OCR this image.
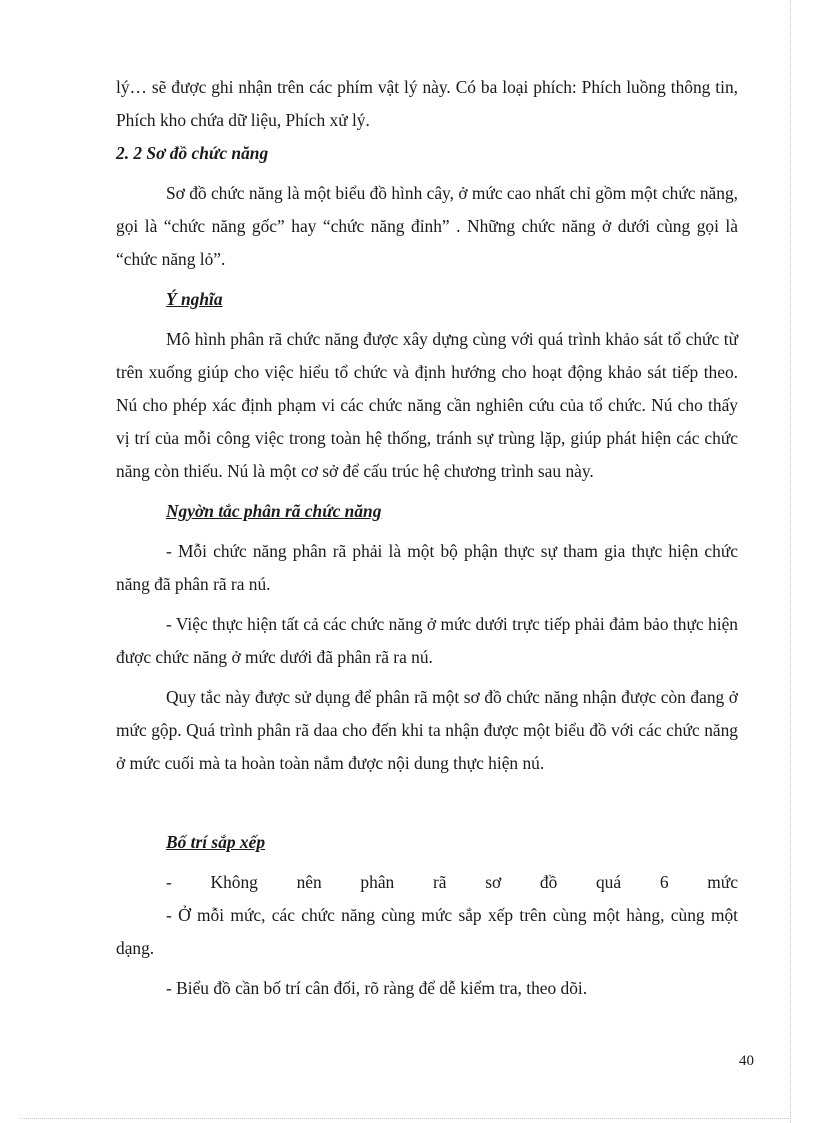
lý… sẽ được ghi nhận trên các phím vật lý này. Có ba loại phích: Phích luồng thông tin, Phích kho chứa dữ liệu, Phích xử lý.

2. 2 Sơ đồ chức năng

Sơ đồ chức năng là một biểu đồ hình cây, ở mức cao nhất chỉ gồm một chức năng, gọi là “chức năng gốc” hay “chức năng đỉnh” . Những chức năng ở dưới cùng gọi là “chức năng lỏ”.

Ý nghĩa

Mô hình phân rã chức năng được xây dựng cùng với quá trình khảo sát tổ chức từ trên xuống giúp cho việc hiểu tổ chức và định hướng cho hoạt động khảo sát tiếp theo. Nú cho phép xác định phạm vi các chức năng cần nghiên cứu của tổ chức. Nú cho thấy vị trí của mỗi công việc trong toàn hệ thống, tránh sự trùng lặp, giúp phát hiện các chức năng còn thiếu. Nú là một cơ sở để cấu trúc hệ chương trình sau này.

Ngyờn tắc phân rã chức năng

- Mỗi chức năng phân rã phải là một bộ phận thực sự tham gia thực hiện chức năng đã phân rã ra nú.

- Việc thực hiện tất cả các chức năng ở mức dưới trực tiếp phải đảm bảo thực hiện được chức năng ở mức dưới đã phân rã ra nú.

Quy tắc này được sử dụng để phân rã một sơ đồ chức năng nhận được còn đang ở mức gộp. Quá trình phân rã daa cho đến khi ta nhận được một biểu đồ với các chức năng ở mức cuối mà ta hoàn toàn nắm được nội dung thực hiện nú.

Bố trí sắp xếp

- Không nên phân rã sơ đồ quá 6 mức

- Ở mỗi mức, các chức năng cùng mức sắp xếp trên cùng một hàng, cùng một dạng.

- Biểu đồ cần bố trí cân đối, rõ ràng để dễ kiểm tra, theo dõi.

40
